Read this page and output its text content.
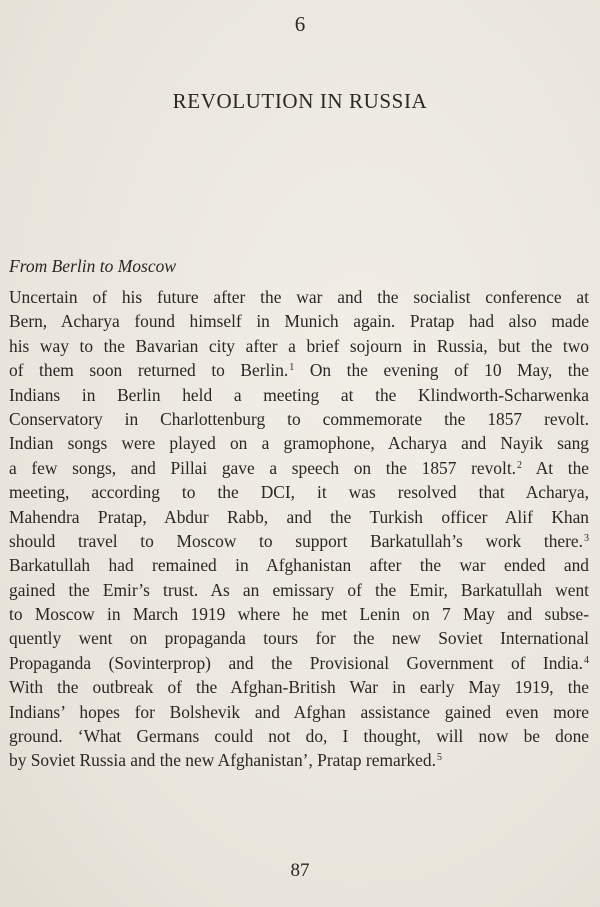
6
REVOLUTION IN RUSSIA
From Berlin to Moscow
Uncertain of his future after the war and the socialist conference at
Bern, Acharya found himself in Munich again. Pratap had also made
his way to the Bavarian city after a brief sojourn in Russia, but the two
of them soon returned to Berlin.$^1$ On the evening of 10 May, the
Indians in Berlin held a meeting at the Klindworth-Scharwenka
Conservatory in Charlottenburg to commemorate the 1857 revolt.
Indian songs were played on a gramophone, Acharya and Nayik sang
a few songs, and Pillai gave a speech on the 1857 revolt.$^2$ At the
meeting, according to the DCI, it was resolved that Acharya,
Mahendra Pratap, Abdur Rabb, and the Turkish officer Alif Khan
should travel to Moscow to support Barkatullah’s work there.$^3$
Barkatullah had remained in Afghanistan after the war ended and
gained the Emir’s trust. As an emissary of the Emir, Barkatullah went
to Moscow in March 1919 where he met Lenin on 7 May and subse-
quently went on propaganda tours for the new Soviet International
Propaganda (Sovinterprop) and the Provisional Government of India.$^4$
With the outbreak of the Afghan-British War in early May 1919, the
Indians’ hopes for Bolshevik and Afghan assistance gained even more
ground. ‘What Germans could not do, I thought, will now be done
by Soviet Russia and the new Afghanistan’, Pratap remarked.$^5$
87
